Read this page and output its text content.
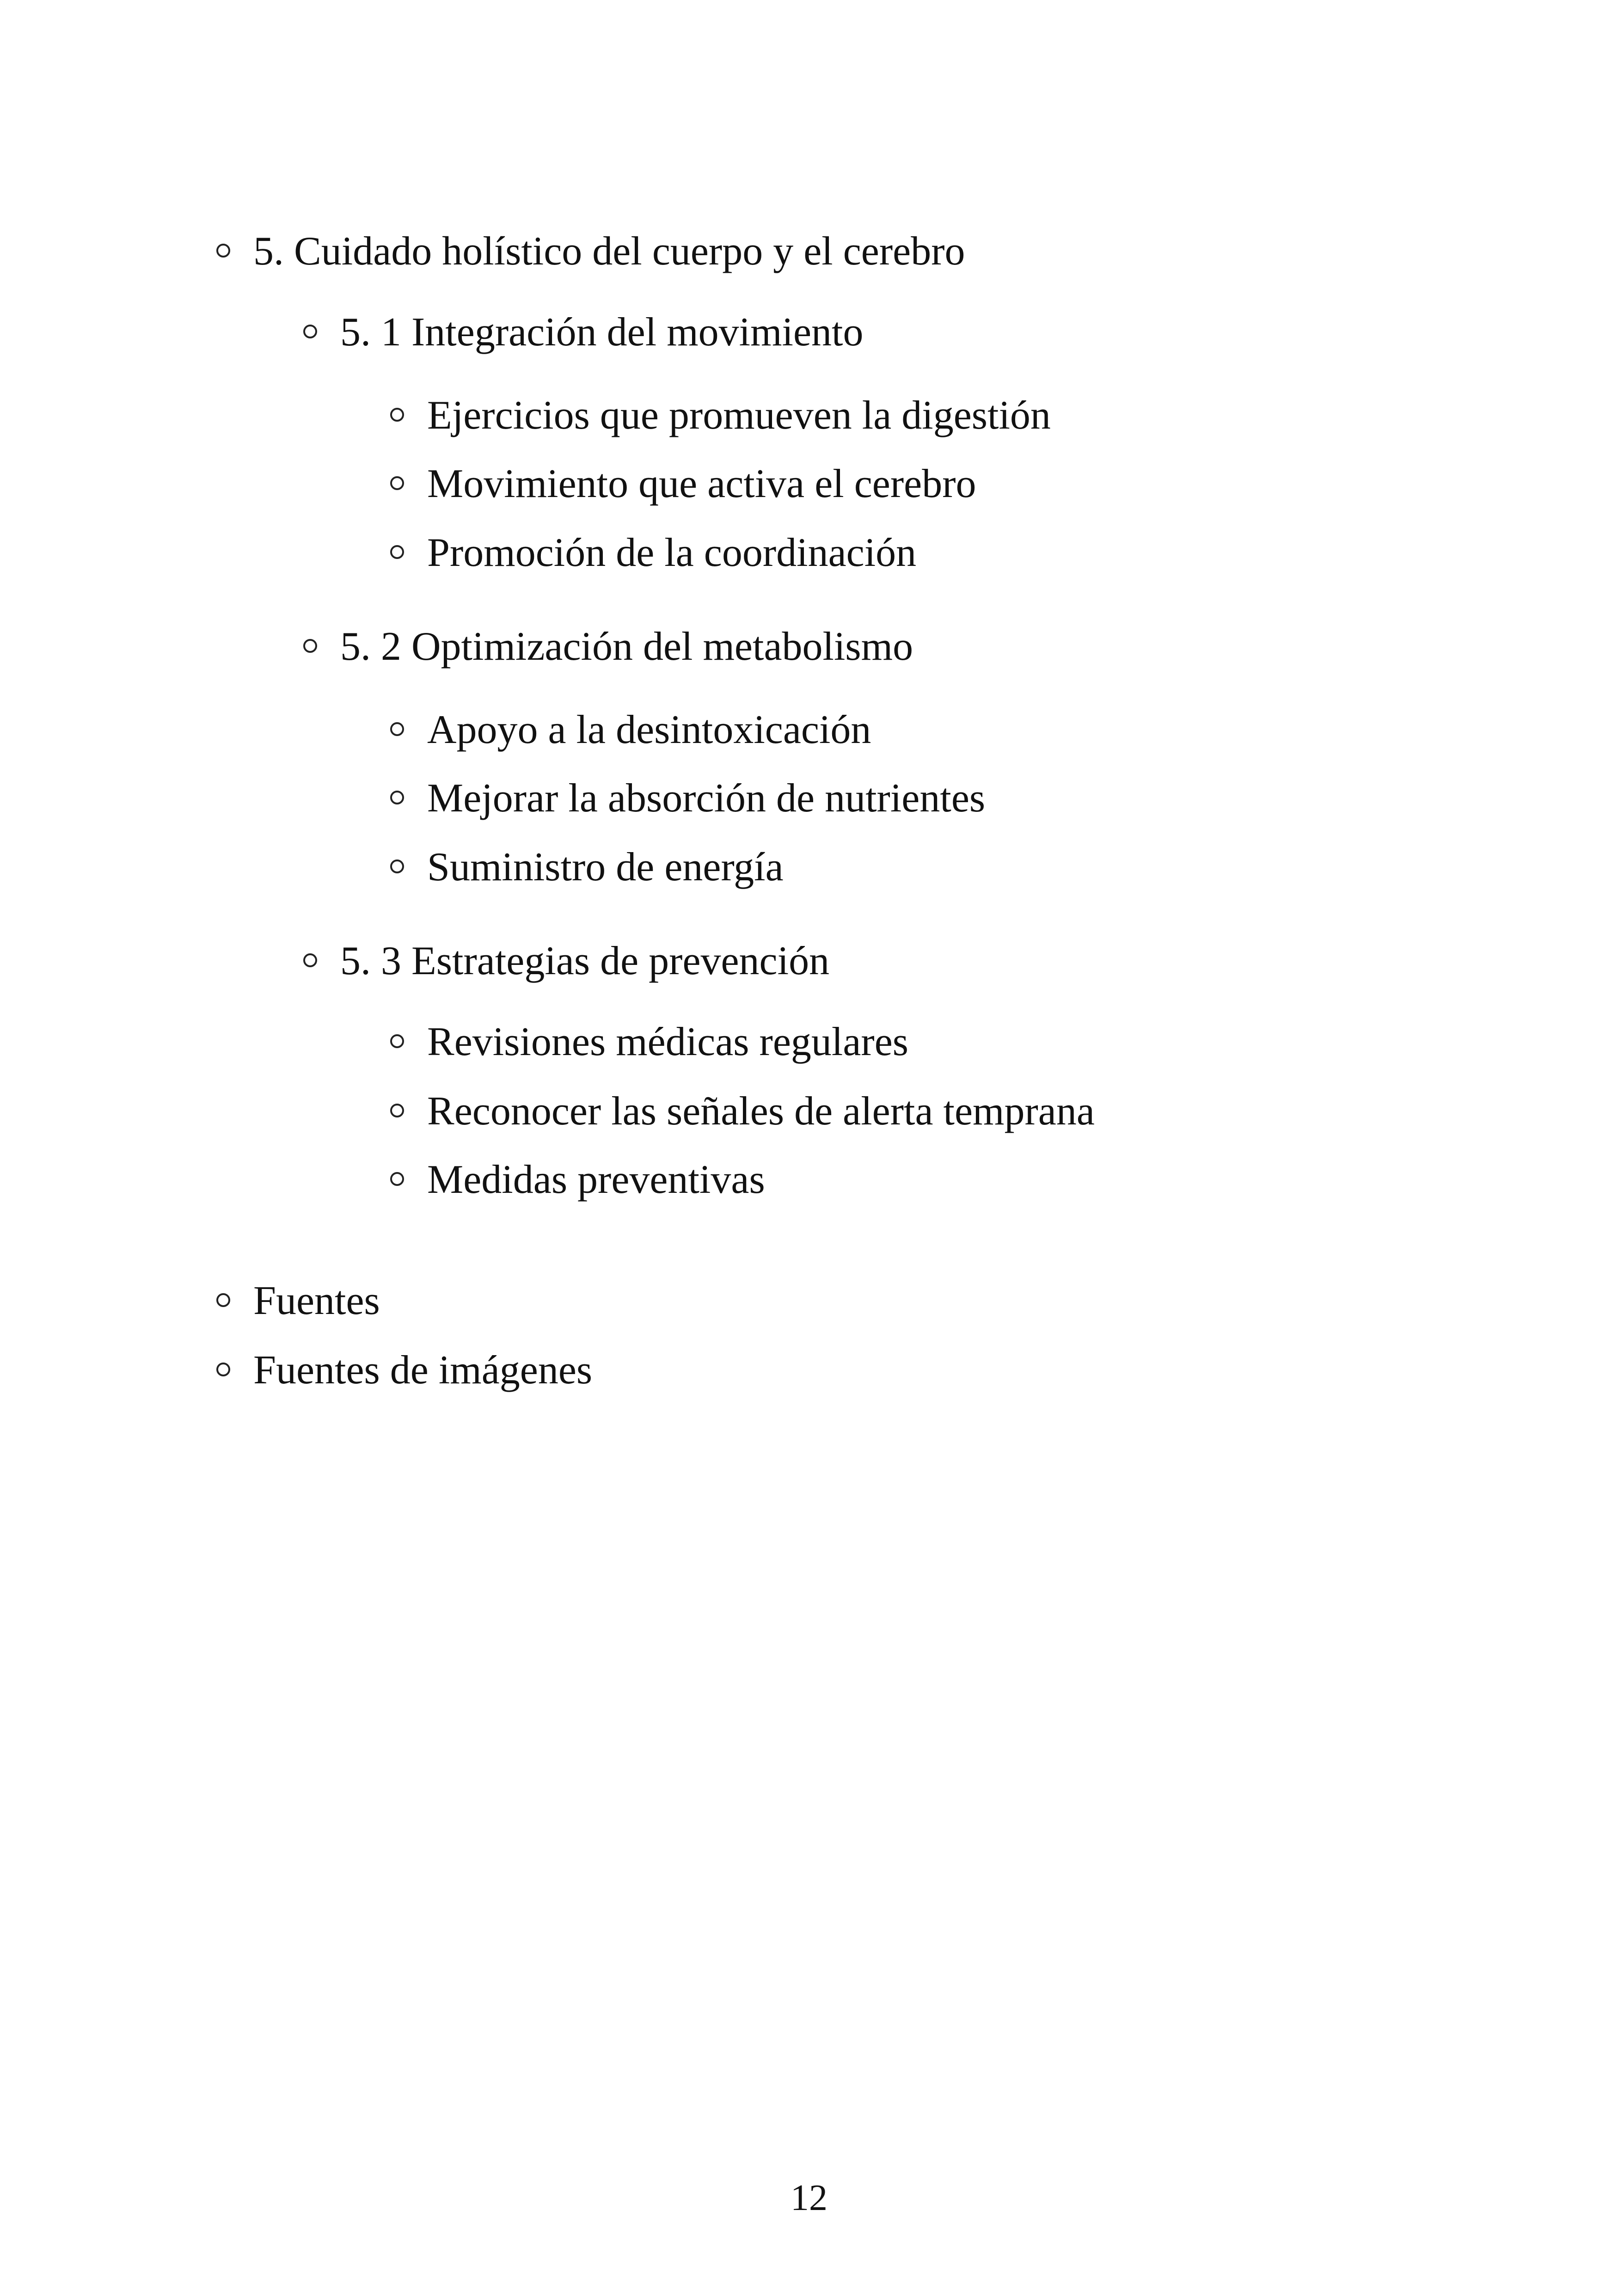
5. Cuidado holístico del cuerpo y el cerebro
5. 1 Integración del movimiento
Ejercicios que promueven la digestión
Movimiento que activa el cerebro
Promoción de la coordinación
5. 2 Optimización del metabolismo
Apoyo a la desintoxicación
Mejorar la absorción de nutrientes
Suministro de energía
5. 3 Estrategias de prevención
Revisiones médicas regulares
Reconocer las señales de alerta temprana
Medidas preventivas
Fuentes
Fuentes de imágenes
12
